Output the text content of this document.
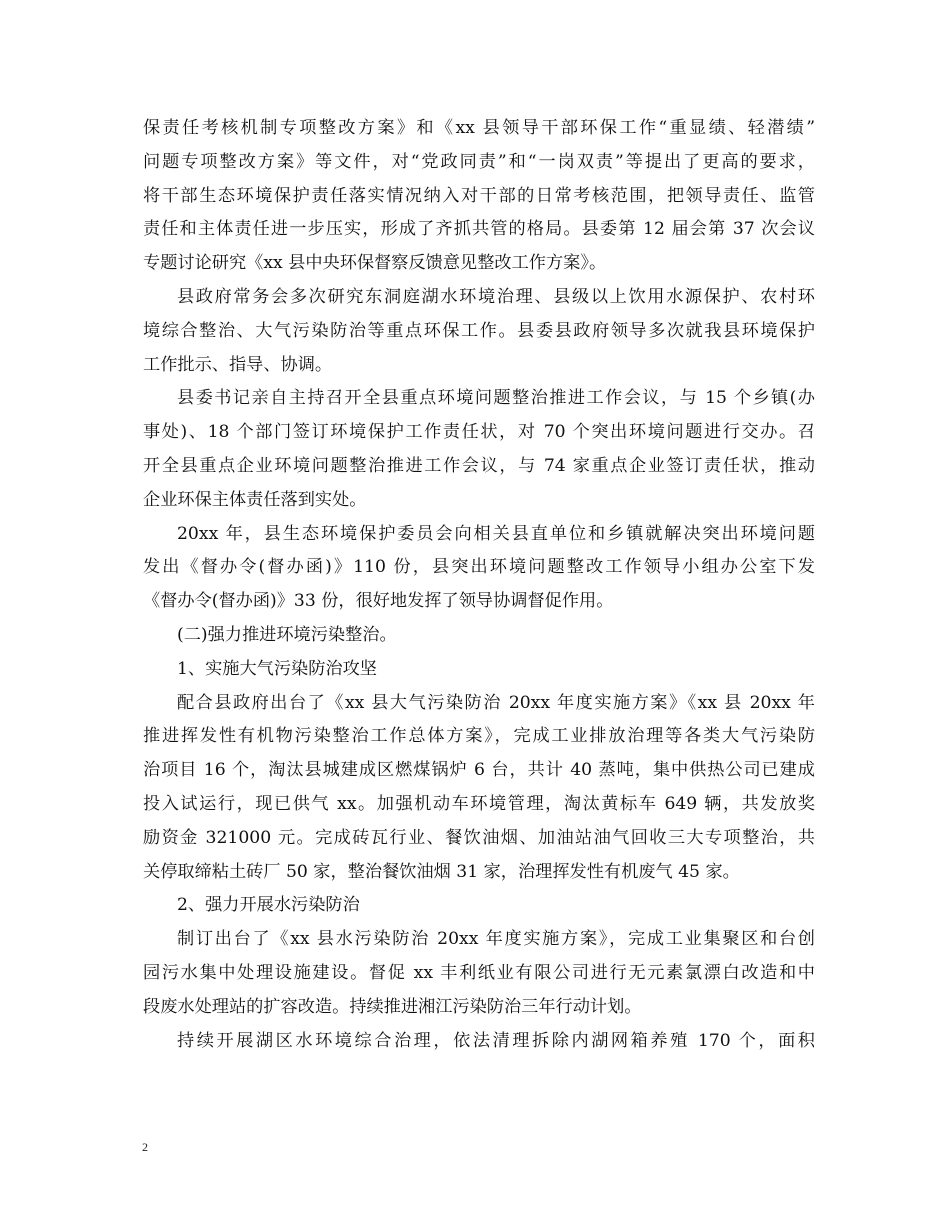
保责任考核机制专项整改方案》和《xx 县领导干部环保工作“重显绩、轻潜绩”
问题专项整改方案》等文件，对“党政同责”和“一岗双责”等提出了更高的要求，
将干部生态环境保护责任落实情况纳入对干部的日常考核范围，把领导责任、监管
责任和主体责任进一步压实，形成了齐抓共管的格局。县委第 12 届会第 37 次会议
专题讨论研究《xx 县中央环保督察反馈意见整改工作方案》。
县政府常务会多次研究东洞庭湖水环境治理、县级以上饮用水源保护、农村环
境综合整治、大气污染防治等重点环保工作。县委县政府领导多次就我县环境保护
工作批示、指导、协调。
县委书记亲自主持召开全县重点环境问题整治推进工作会议，与 15 个乡镇(办
事处)、18 个部门签订环境保护工作责任状，对 70 个突出环境问题进行交办。召
开全县重点企业环境问题整治推进工作会议，与 74 家重点企业签订责任状，推动
企业环保主体责任落到实处。
20xx 年，县生态环境保护委员会向相关县直单位和乡镇就解决突出环境问题
发出《督办令(督办函)》110 份，县突出环境问题整改工作领导小组办公室下发
《督办令(督办函)》33 份，很好地发挥了领导协调督促作用。
(二)强力推进环境污染整治。
1、实施大气污染防治攻坚
配合县政府出台了《xx 县大气污染防治 20xx 年度实施方案》《xx 县 20xx 年
推进挥发性有机物污染整治工作总体方案》，完成工业排放治理等各类大气污染防
治项目 16 个，淘汰县城建成区燃煤锅炉 6 台，共计 40 蒸吨，集中供热公司已建成
投入试运行，现已供气 xx。加强机动车环境管理，淘汰黄标车 649 辆，共发放奖
励资金 321000 元。完成砖瓦行业、餐饮油烟、加油站油气回收三大专项整治，共
关停取缔粘土砖厂 50 家，整治餐饮油烟 31 家，治理挥发性有机废气 45 家。
2、强力开展水污染防治
制订出台了《xx 县水污染防治 20xx 年度实施方案》，完成工业集聚区和台创
园污水集中处理设施建设。督促 xx 丰利纸业有限公司进行无元素氯漂白改造和中
段废水处理站的扩容改造。持续推进湘江污染防治三年行动计划。
持续开展湖区水环境综合治理，依法清理拆除内湖网箱养殖 170 个，面积
2
